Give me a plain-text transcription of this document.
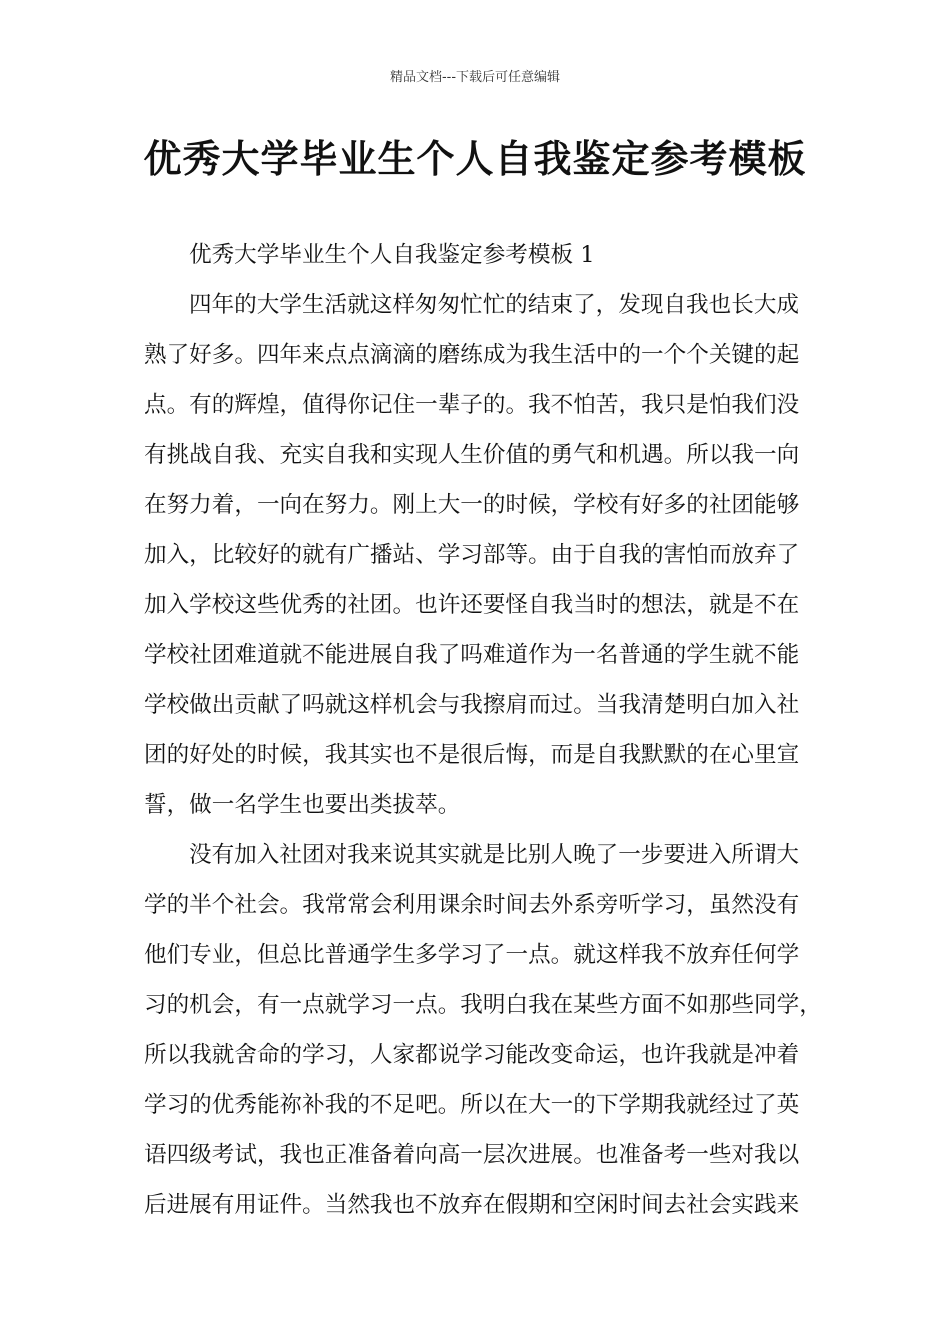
精品文档---下载后可任意编辑
优秀大学毕业生个人自我鉴定参考模板
优秀大学毕业生个人自我鉴定参考模板 1
四年的大学生活就这样匆匆忙忙的结束了，发现自我也长大成
熟了好多。四年来点点滴滴的磨练成为我生活中的一个个关键的起
点。有的辉煌，值得你记住一辈子的。我不怕苦，我只是怕我们没
有挑战自我、充实自我和实现人生价值的勇气和机遇。所以我一向
在努力着，一向在努力。刚上大一的时候，学校有好多的社团能够
加入，比较好的就有广播站、学习部等。由于自我的害怕而放弃了
加入学校这些优秀的社团。也许还要怪自我当时的想法，就是不在
学校社团难道就不能进展自我了吗难道作为一名普通的学生就不能
学校做出贡献了吗就这样机会与我擦肩而过。当我清楚明白加入社
团的好处的时候，我其实也不是很后悔，而是自我默默的在心里宣
誓，做一名学生也要出类拔萃。
没有加入社团对我来说其实就是比别人晚了一步要进入所谓大
学的半个社会。我常常会利用课余时间去外系旁听学习，虽然没有
他们专业，但总比普通学生多学习了一点。就这样我不放弃任何学
习的机会，有一点就学习一点。我明白我在某些方面不如那些同学，
所以我就舍命的学习，人家都说学习能改变命运，也许我就是冲着
学习的优秀能祢补我的不足吧。所以在大一的下学期我就经过了英
语四级考试，我也正准备着向高一层次进展。也准备考一些对我以
后进展有用证件。当然我也不放弃在假期和空闲时间去社会实践来
